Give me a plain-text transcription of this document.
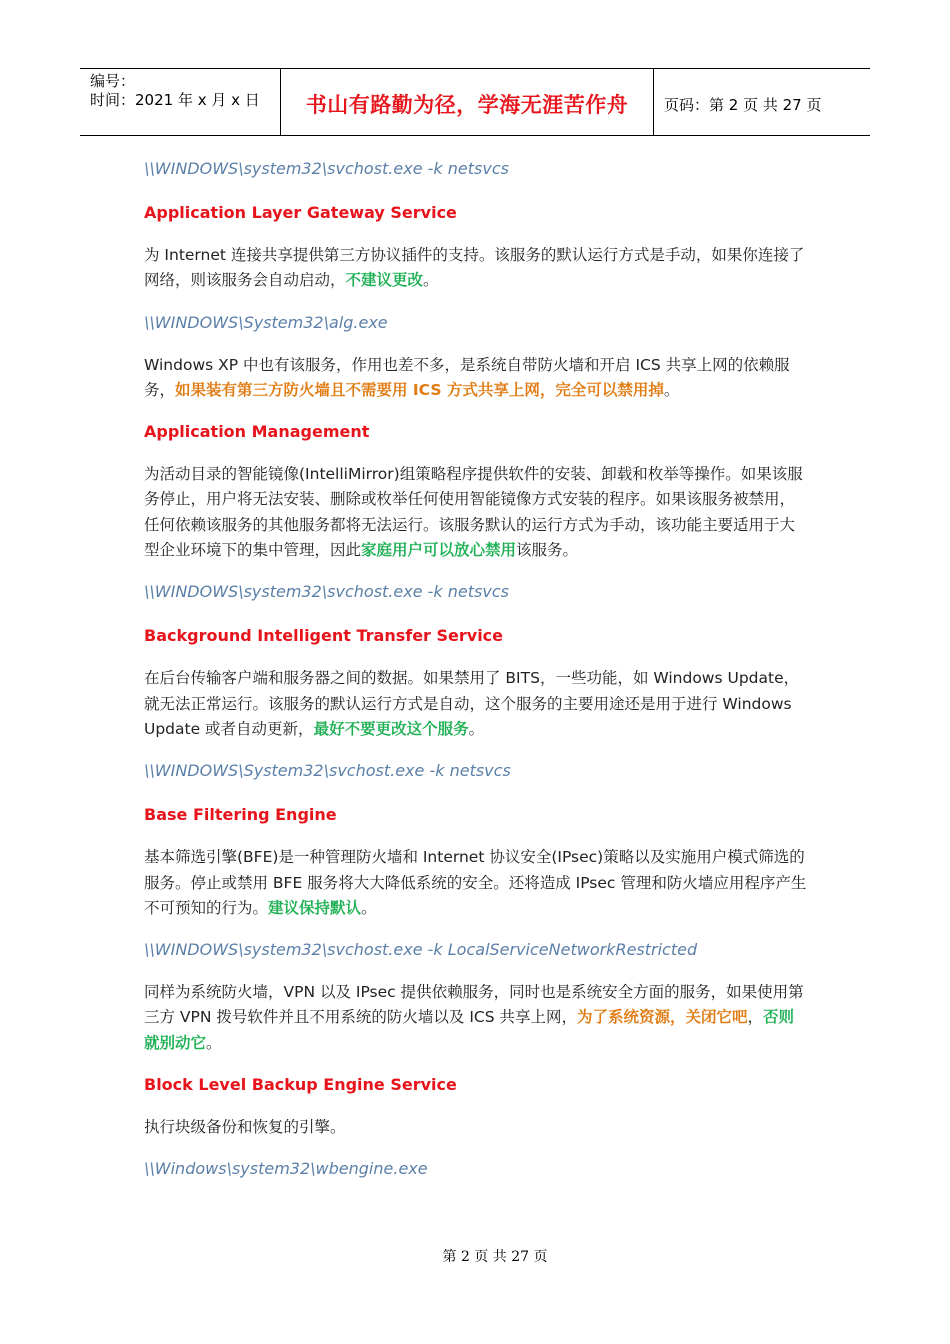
编号：
时间：2021 年 x 月 x 日	书山有路勤为径，学海无涯苦作舟 页码：第 2 页 共 27 页
\\WINDOWS\system32\svchost.exe -k netsvcs
Application Layer Gateway Service

为 Internet 连接共享提供第三方协议插件的支持。该服务的默认运行方式是手动，如果你连接了网络，则该服务会自动启动，不建议更改。

\\WINDOWS\System32\alg.exe

Windows XP 中也有该服务，作用也差不多，是系统自带防火墙和开启 ICS 共享上网的依赖服务，如果装有第三方防火墙且不需要用 ICS 方式共享上网，完全可以禁用掉。

Application Management

为活动目录的智能镜像(IntelliMirror)组策略程序提供软件的安装、卸载和枚举等操作。如果该服务停止，用户将无法安装、删除或枚举任何使用智能镜像方式安装的程序。如果该服务被禁用，任何依赖该服务的其他服务都将无法运行。该服务默认的运行方式为手动，该功能主要适用于大型企业环境下的集中管理，因此家庭用户可以放心禁用该服务。

\\WINDOWS\system32\svchost.exe -k netsvcs
Background Intelligent Transfer Service

在后台传输客户端和服务器之间的数据。如果禁用了 BITS，一些功能，如 Windows Update，就无法正常运行。该服务的默认运行方式是自动，这个服务的主要用途还是用于进行 Windows Update 或者自动更新，最好不要更改这个服务。

\\WINDOWS\System32\svchost.exe -k netsvcs
Base Filtering Engine

基本筛选引擎(BFE)是一种管理防火墙和 Internet 协议安全(IPsec)策略以及实施用户模式筛选的服务。停止或禁用 BFE 服务将大大降低系统的安全。还将造成 IPsec 管理和防火墙应用程序产生不可预知的行为。建议保持默认。

\\WINDOWS\system32\svchost.exe -k LocalServiceNetworkRestricted

同样为系统防火墙，VPN 以及 IPsec 提供依赖服务，同时也是系统安全方面的服务，如果使用第三方 VPN 拨号软件并且不用系统的防火墙以及 ICS 共享上网，为了系统资源，关闭它吧，否则就别动它。

Block Level Backup Engine Service

执行块级备份和恢复的引擎。

\\Windows\system32\wbengine.exe
第 2 页 共 27 页
